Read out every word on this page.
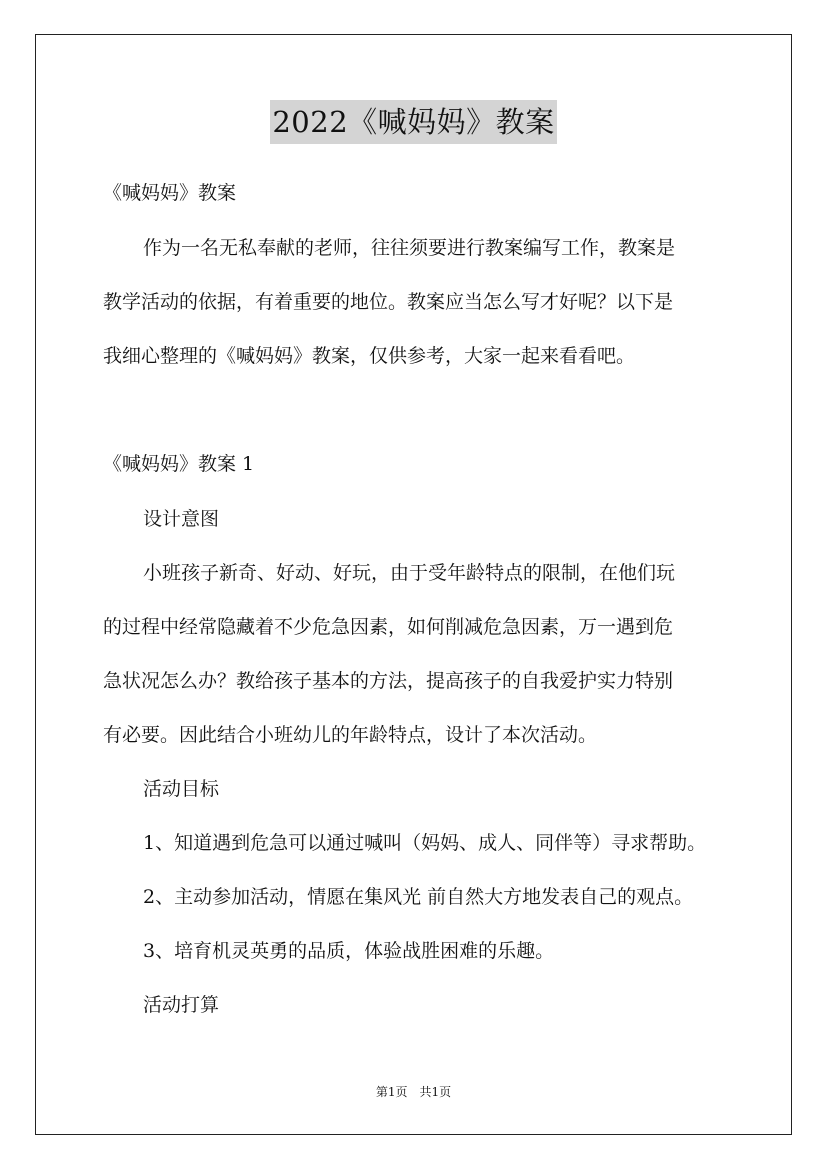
2022《喊妈妈》教案
《喊妈妈》教案
作为一名无私奉献的老师，往往须要进行教案编写工作，教案是
教学活动的依据，有着重要的地位。教案应当怎么写才好呢？以下是
我细心整理的《喊妈妈》教案，仅供参考，大家一起来看看吧。
《喊妈妈》教案 1
设计意图
小班孩子新奇、好动、好玩，由于受年龄特点的限制，在他们玩
的过程中经常隐藏着不少危急因素，如何削减危急因素，万一遇到危
急状况怎么办？教给孩子基本的方法，提高孩子的自我爱护实力特别
有必要。因此结合小班幼儿的年龄特点，设计了本次活动。
活动目标
1、知道遇到危急可以通过喊叫（妈妈、成人、同伴等）寻求帮助。
2、主动参加活动，情愿在集风光 前自然大方地发表自己的观点。
3、培育机灵英勇的品质，体验战胜困难的乐趣。
活动打算
第1页　共1页
